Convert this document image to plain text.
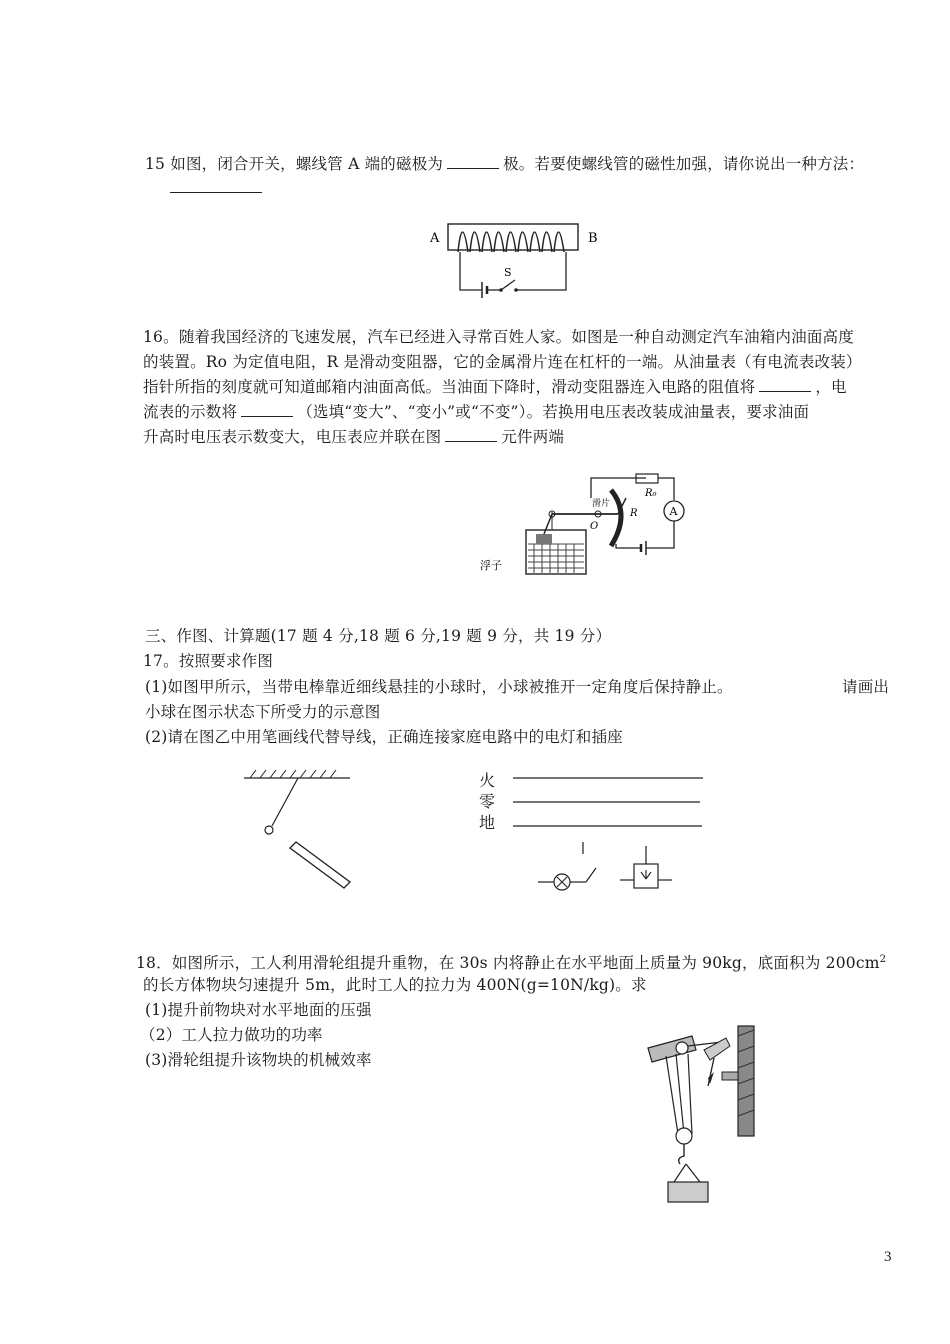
15 如图，闭合开关，螺线管 A 端的磁极为	极。若要使螺线管的磁性加强，请你说出一种方法：
A	B
S
16。随着我国经济的飞速发展，汽车已经进入寻常百姓人家。如图是一种自动测定汽车油箱内油面高度
的装置。Ro 为定值电阻，R 是滑动变阻器，它的金属滑片连在杠杆的一端。从油量表（有电流表改装）
指针所指的刻度就可知道邮箱内油面高低。当油面下降时，滑动变阻器连入电路的阻值将	，电
流表的示数将	（选填“变大”、“变小”或“不变”）。若换用电压表改装成油量表，要求油面
升高时电压表示数变大，电压表应并联在图	元件两端
A
浮子
R₀
R
O
滑片
三、作图、计算题(17 题 4 分,18 题 6 分,19 题 9 分，共 19 分）
17。按照要求作图
(1)如图甲所示，当带电棒靠近细线悬挂的小球时，小球被推开一定角度后保持静止。	请画出
小球在图示状态下所受力的示意图
(2)请在图乙中用笔画线代替导线，正确连接家庭电路中的电灯和插座
火
零
地
18．如图所示，工人利用滑轮组提升重物，在 30s 内将静止在水平地面上质量为 90kg，底面积为 $200cm^2$
的长方体物块匀速提升 5m，此时工人的拉力为 400N(g=10N/kg)。求
(1)提升前物块对水平地面的压强
（2）工人拉力做功的功率
(3)滑轮组提升该物块的机械效率
3
